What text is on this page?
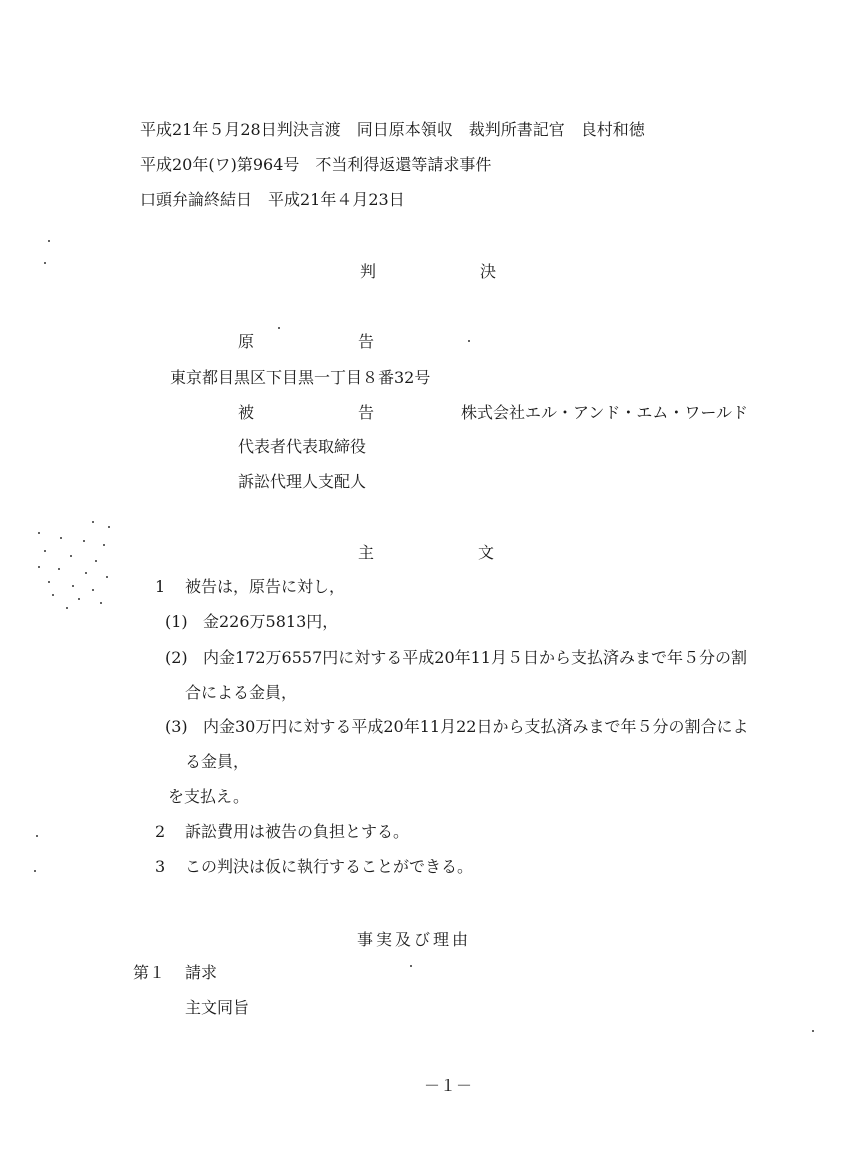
平成21年５月28日判決言渡　同日原本領収　裁判所書記官　良村和徳
平成20年(ワ)第964号　不当利得返還等請求事件
口頭弁論終結日　平成21年４月23日
判	決
原	告
東京都目黒区下目黒一丁目８番32号
被	告	株式会社エル・アンド・エム・ワールド
代表者代表取締役
訴訟代理人支配人
主	文
1 被告は，原告に対し，
(1) 金226万5813円，
(2) 内金172万6557円に対する平成20年11月５日から支払済みまで年５分の割
合による金員，
(3) 内金30万円に対する平成20年11月22日から支払済みまで年５分の割合によ
る金員，
を支払え。
2 訴訟費用は被告の負担とする。
3 この判決は仮に執行することができる。
事実及び理由
第１ 請求
主文同旨
－１－
